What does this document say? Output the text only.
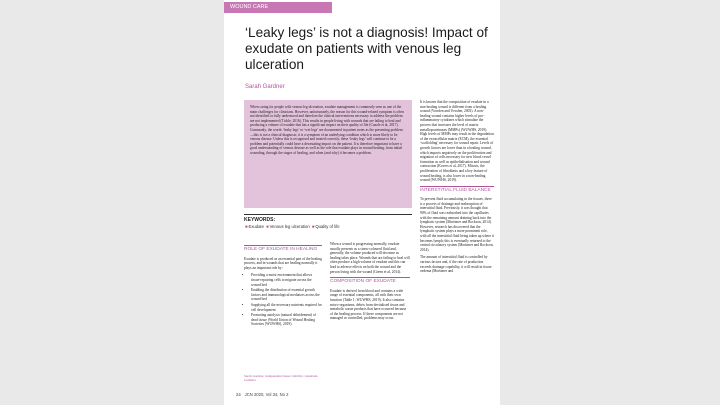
WOUND CARE
‘Leaky legs’ is not a diagnosis! Impact of exudate on patients with venous leg ulceration
Sarah Gardner
When caring for people with venous leg ulceration, exudate management is commonly seen as one of the main challenges for clinicians. However, unfortunately, the reason for this wound-related symptom is often not identified or fully understood and therefore the clinical interventions necessary to address the problem are not implemented (Tickle, 2016). This results in people living with wounds that are failing to heal and producing a volume of exudate that has a significant impact on their quality of life (Cuzzle et al, 2017). Commonly, the words ‘leaky legs’ or ‘wet legs’ are documented in patient notes as the presenting problem—this is not a clinical diagnosis; it is a symptom of an underlying condition which is more likely to be venous disease. Unless this is recognised and treated correctly, these ‘leaky legs’ will continue to be a problem and potentially could have a devastating impact on the patient. It is therefore important to have a good understanding of venous disease as well as the role that exudate plays in wound healing, from initial wounding, through the stages of healing, and when (and why) it becomes a problem.
KEYWORDS:
■Exudate ■Venous leg ulceration ■Quality of life
ROLE OF EXUDATE IN HEALING

Exudate is produced as an essential part of the healing process, and in wounds that are healing normally it plays an important role by:

• Providing a moist environment that allows tissue-repairing cells to migrate across the wound bed
• Enabling the distribution of essential growth factors and immunological mediators across the wound bed
• Supplying all the necessary nutrients required for cell development
• Promoting autolysis (natural debridement) of dead tissue (World Union of Wound Healing Societies [WUWHS], 2019).

When a wound is progressing normally, exudate usually presents as a straw-coloured fluid and, generally, the volume produced will decrease as healing takes place. Wounds that are failing to heal will often produce a high volume of exudate and this can lead to adverse effects on both the wound and the person living with the wound (Green et al, 2014).

COMPOSITION OF EXUDATE

Exudate is derived from blood and contains a wide range of essential components, all with their own function (Table 1; WUWHS, 2019). It also contains micro-organisms, debris from devitalised tissue and metabolic waste products that have occurred because of the healing process. If these components are not managed or controlled, problems may occur.

It is known that the composition of exudate in a non-healing wound is different from a healing wound (Vowden and Vowden, 2003). A non-healing wound contains higher levels of pro-inflammatory cytokines which stimulate the process that increases the level of matrix metalloproteinases (MMPs) (WUWHS, 2019). High levels of MMPs may result in the degradation of the extracellular matrix (ECM), the essential ‘scaffolding’ necessary for wound repair. Levels of growth factors are lower than in a healing wound, which impacts negatively on the proliferation and migration of cells necessary for new blood vessel formation as well as epithelialisation and wound contraction (Kovers et al, 2017). Mitosis, the proliferation of fibroblasts and a key feature of wound healing, is also lower in a non-healing wound (WUWHS, 2019).

INTERSTITIAL FLUID BALANCE

To prevent fluid accumulating in the tissues, there is a process of drainage and reabsorption of interstitial fluid. Previously, it was thought that 90% of fluid was reabsorbed into the capillaries with the remaining amount draining back into the lymphatic system (Mortimer and Rockson, 2014). However, research has discovered that the lymphatic system plays a more prominent role, with all the interstitial fluid being taken up where it becomes lymph; this is eventually returned to the central circulatory system (Mortimer and Rockson, 2014).

The amount of interstitial fluid is controlled by various factors and, if the rate of production exceeds drainage capability, it will result in tissue oedema (Mortimer and

Sarah Gardner, independent tissue viability consultant, Cumbria
24 JCN 2020, Vol 34, No 2
